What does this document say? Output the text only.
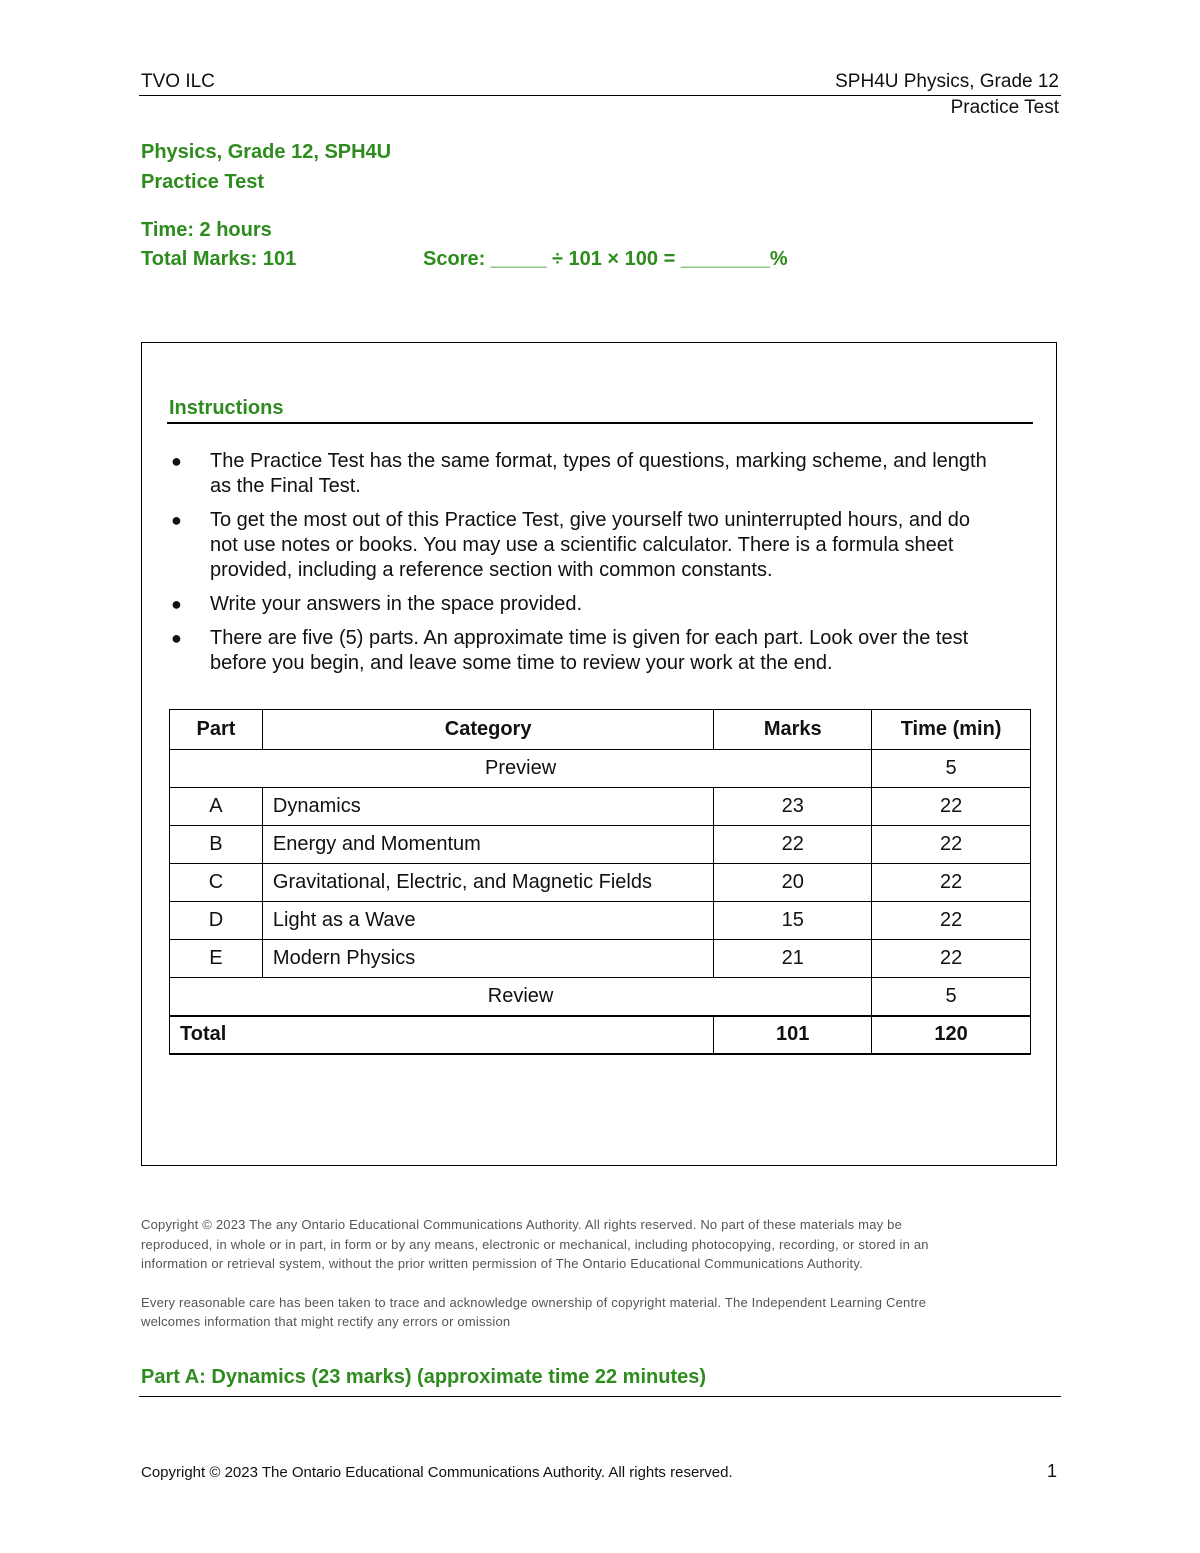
TVO ILC	SPH4U Physics, Grade 12
Practice Test
Physics, Grade 12, SPH4U
Practice Test
Time: 2 hours
Total Marks: 101	Score: _____ ÷ 101 × 100 = ________%
Instructions
● The Practice Test has the same format, types of questions, marking scheme, and length as the Final Test.
● To get the most out of this Practice Test, give yourself two uninterrupted hours, and do not use notes or books. You may use a scientific calculator. There is a formula sheet provided, including a reference section with common constants.
● Write your answers in the space provided.
● There are five (5) parts. An approximate time is given for each part. Look over the test before you begin, and leave some time to review your work at the end.
Part	Category	Marks	Time (min)
Preview			5
A	Dynamics	23	22
B	Energy and Momentum	22	22
C	Gravitational, Electric, and Magnetic Fields	20	22
D	Light as a Wave	15	22
E	Modern Physics	21	22
Review			5
Total		101	120

Copyright © 2023 The any Ontario Educational Communications Authority. All rights reserved. No part of these materials may be reproduced, in whole or in part, in form or by any means, electronic or mechanical, including photocopying, recording, or stored in an information or retrieval system, without the prior written permission of The Ontario Educational Communications Authority.

Every reasonable care has been taken to trace and acknowledge ownership of copyright material. The Independent Learning Centre welcomes information that might rectify any errors or omission

Part A: Dynamics (23 marks) (approximate time 22 minutes)
Copyright © 2023 The Ontario Educational Communications Authority. All rights reserved.	1
